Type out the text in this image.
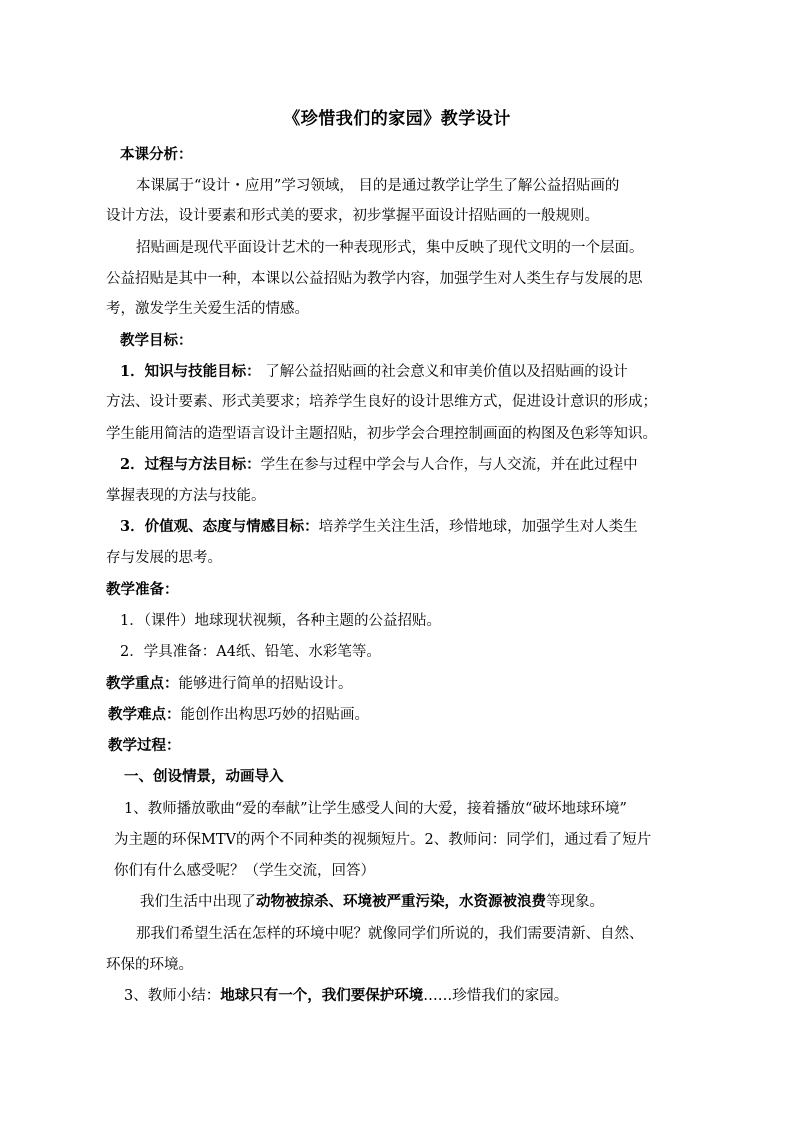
《珍惜我们的家园》教学设计
本课分析：
本课属于“设计・应用”学习领域， 目的是通过教学让学生了解公益招贴画的
设计方法，设计要素和形式美的要求，初步掌握平面设计招贴画的一般规则。
招贴画是现代平面设计艺术的一种表现形式，集中反映了现代文明的一个层面。
公益招贴是其中一种，本课以公益招贴为教学内容，加强学生对人类生存与发展的思
考，激发学生关爱生活的情感。
教学目标：
1．知识与技能目标： 了解公益招贴画的社会意义和审美价值以及招贴画的设计
方法、设计要素、形式美要求；培养学生良好的设计思维方式，促进设计意识的形成；
学生能用简洁的造型语言设计主题招贴，初步学会合理控制画面的构图及色彩等知识。
2．过程与方法目标：学生在参与过程中学会与人合作，与人交流，并在此过程中
掌握表现的方法与技能。
3．价值观、态度与情感目标：培养学生关注生活，珍惜地球，加强学生对人类生
存与发展的思考。
教学准备：
1．（课件）地球现状视频，各种主题的公益招贴。
2．学具准备：A4纸、铅笔、水彩笔等。
教学重点：能够进行简单的招贴设计。
教学难点：能创作出构思巧妙的招贴画。
教学过程：
一、创设情景，动画导入
1、教师播放歌曲“爱的奉献”让学生感受人间的大爱，接着播放“破坏地球环境”
为主题的环保MTV的两个不同种类的视频短片。2、教师问：同学们，通过看了短片
你们有什么感受呢？（学生交流，回答）
我们生活中出现了动物被掠杀、环境被严重污染，水资源被浪费等现象。
那我们希望生活在怎样的环境中呢？就像同学们所说的，我们需要清新、自然、
环保的环境。
3、教师小结：地球只有一个，我们要保护环境……珍惜我们的家园。
